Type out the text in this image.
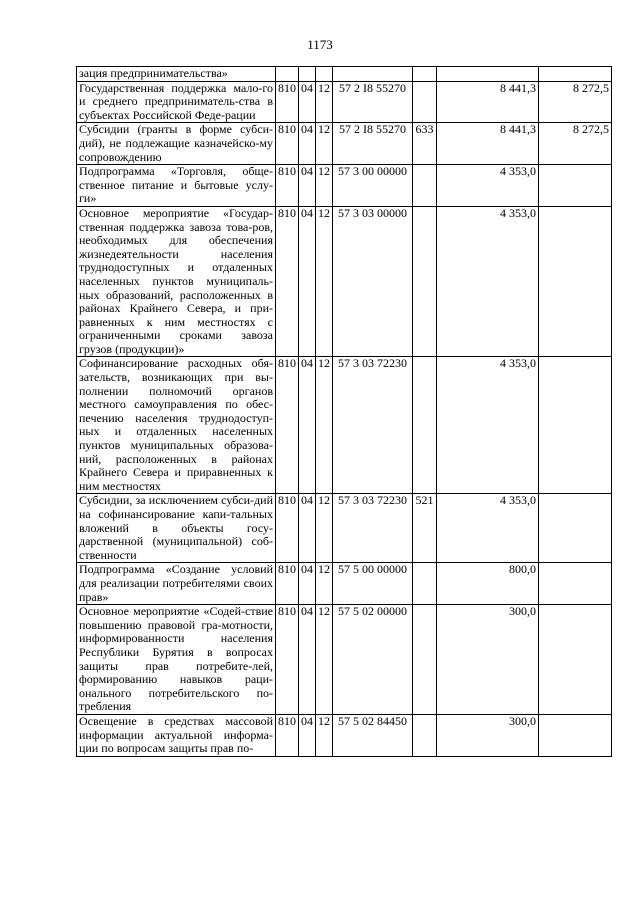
1173
зация предпринимательства»							
Государственная поддержка мало-го и среднего предприниматель-ства в субъектах Российской Феде-рации	810	04	12	57 2 I8 55270		8 441,3	8 272,5
Субсидии (гранты в форме субси-дий), не подлежащие казначейско-му сопровождению	810	04	12	57 2 I8 55270	633	8 441,3	8 272,5
Подпрограмма «Торговля, обще-ственное питание и бытовые услу-ги»	810	04	12	57 3 00 00000		4 353,0	
Основное мероприятие «Государ-ственная поддержка завоза това-ров, необходимых для обеспечения жизнедеятельности населения труднодоступных и отдаленных населенных пунктов муниципаль-ных образований, расположенных в районах Крайнего Севера, и при-равненных к ним местностях с ограниченными сроками завоза грузов (продукции)»	810	04	12	57 3 03 00000		4 353,0	
Софинансирование расходных обя-зательств, возникающих при вы-полнении полномочий органов местного самоуправления по обес-печению населения труднодоступ-ных и отдаленных населенных пунктов муниципальных образова-ний, расположенных в районах Крайнего Севера и приравненных к ним местностях	810	04	12	57 3 03 72230		4 353,0	
Субсидии, за исключением субси-дий на софинансирование капи-тальных вложений в объекты госу-дарственной (муниципальной) соб-ственности	810	04	12	57 3 03 72230	521	4 353,0	
Подпрограмма «Создание условий для реализации потребителями своих прав»	810	04	12	57 5 00 00000		800,0	
Основное мероприятие «Содей-ствие повышению правовой гра-мотности, информированности населения Республики Бурятия в вопросах защиты прав потребите-лей, формированию навыков раци-онального потребительского по-требления	810	04	12	57 5 02 00000		300,0	
Освещение в средствах массовой информации актуальной информа-ции по вопросам защиты прав по-	810	04	12	57 5 02 84450		300,0	
